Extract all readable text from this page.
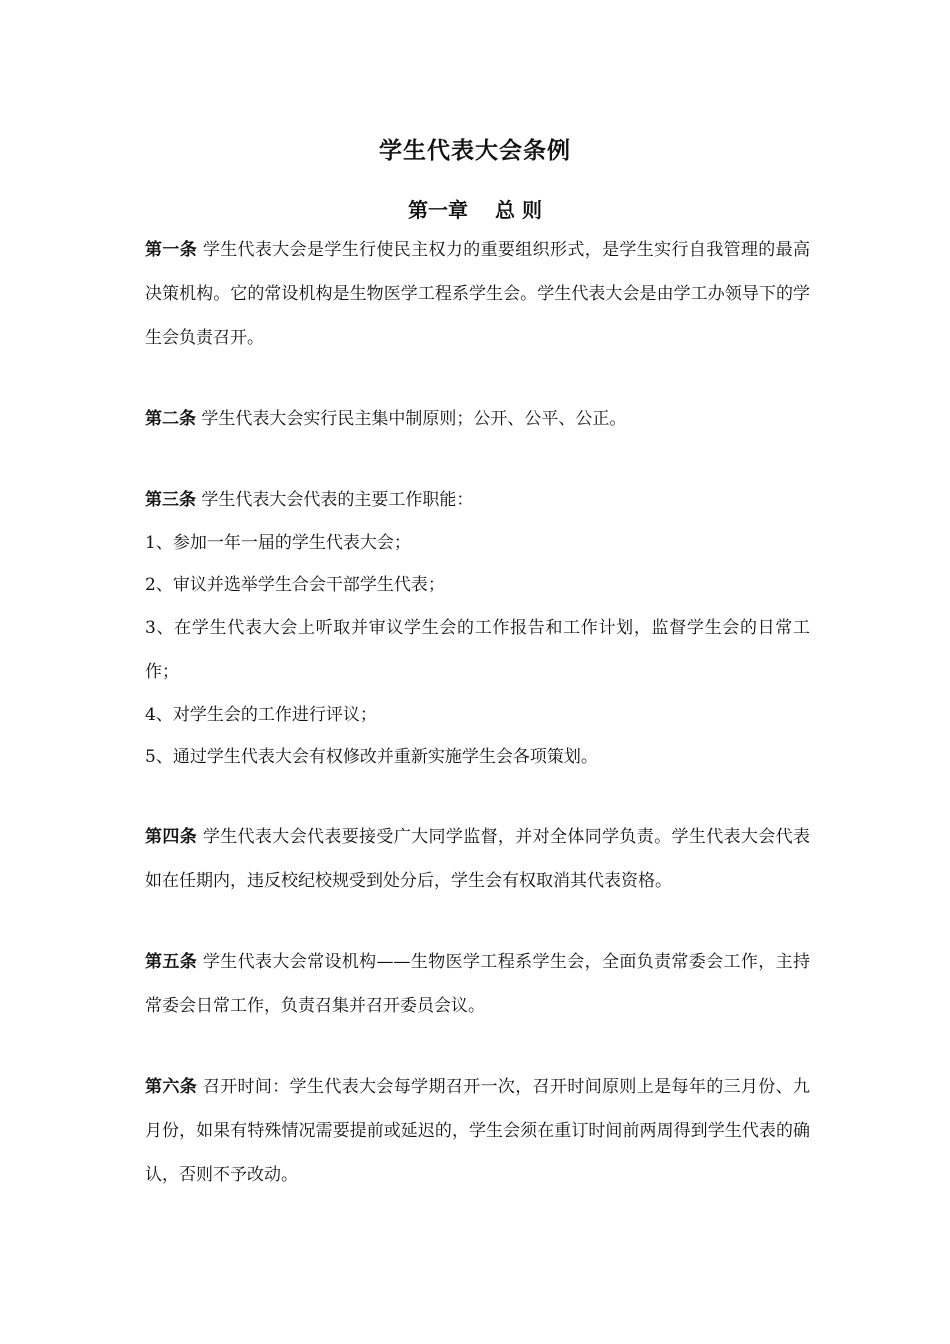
学生代表大会条例
第一章　 总 则

第一条 学生代表大会是学生行使民主权力的重要组织形式，是学生实行自我管理的最高决策机构。它的常设机构是生物医学工程系学生会。学生代表大会是由学工办领导下的学生会负责召开。

第二条 学生代表大会实行民主集中制原则；公开、公平、公正。

第三条 学生代表大会代表的主要工作职能：

1、参加一年一届的学生代表大会；

2、审议并选举学生合会干部学生代表；

3、在学生代表大会上听取并审议学生会的工作报告和工作计划，监督学生会的日常工作；

4、对学生会的工作进行评议；

5、通过学生代表大会有权修改并重新实施学生会各项策划。

第四条 学生代表大会代表要接受广大同学监督，并对全体同学负责。学生代表大会代表如在任期内，违反校纪校规受到处分后，学生会有权取消其代表资格。

第五条 学生代表大会常设机构——生物医学工程系学生会，全面负责常委会工作，主持常委会日常工作，负责召集并召开委员会议。

第六条 召开时间：学生代表大会每学期召开一次，召开时间原则上是每年的三月份、九月份，如果有特殊情况需要提前或延迟的，学生会须在重订时间前两周得到学生代表的确认，否则不予改动。
